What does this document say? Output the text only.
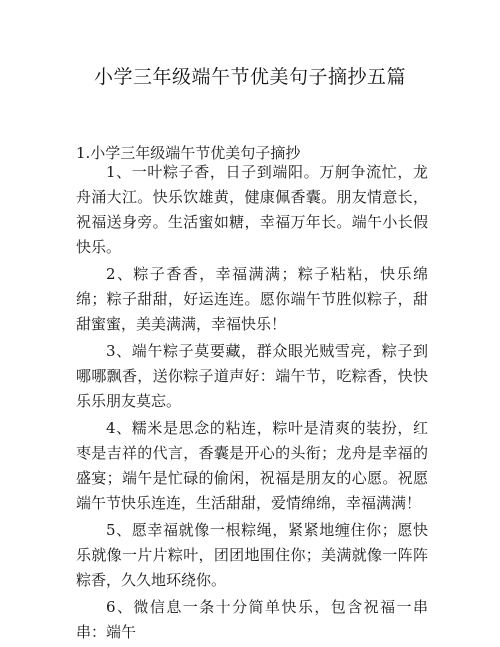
小学三年级端午节优美句子摘抄五篇
1.小学三年级端午节优美句子摘抄

1、一叶粽子香，日子到端阳。万舸争流忙，龙舟涌大江。快乐饮雄黄，健康佩香囊。朋友情意长，祝福送身旁。生活蜜如糖，幸福万年长。端午小长假快乐。

2、粽子香香，幸福满满；粽子粘粘，快乐绵绵；粽子甜甜，好运连连。愿你端午节胜似粽子，甜甜蜜蜜，美美满满，幸福快乐！

3、端午粽子莫要藏，群众眼光贼雪亮，粽子到哪哪飘香，送你粽子道声好：端午节，吃粽香，快快乐乐朋友莫忘。

4、糯米是思念的粘连，粽叶是清爽的装扮，红枣是吉祥的代言，香囊是开心的头衔；龙舟是幸福的盛宴；端午是忙碌的偷闲，祝福是朋友的心愿。祝愿端午节快乐连连，生活甜甜，爱情绵绵，幸福满满！

5、愿幸福就像一根粽绳，紧紧地缠住你；愿快乐就像一片片粽叶，团团地围住你；美满就像一阵阵粽香，久久地环绕你。

6、微信息一条十分简单快乐，包含祝福一串串：端午
